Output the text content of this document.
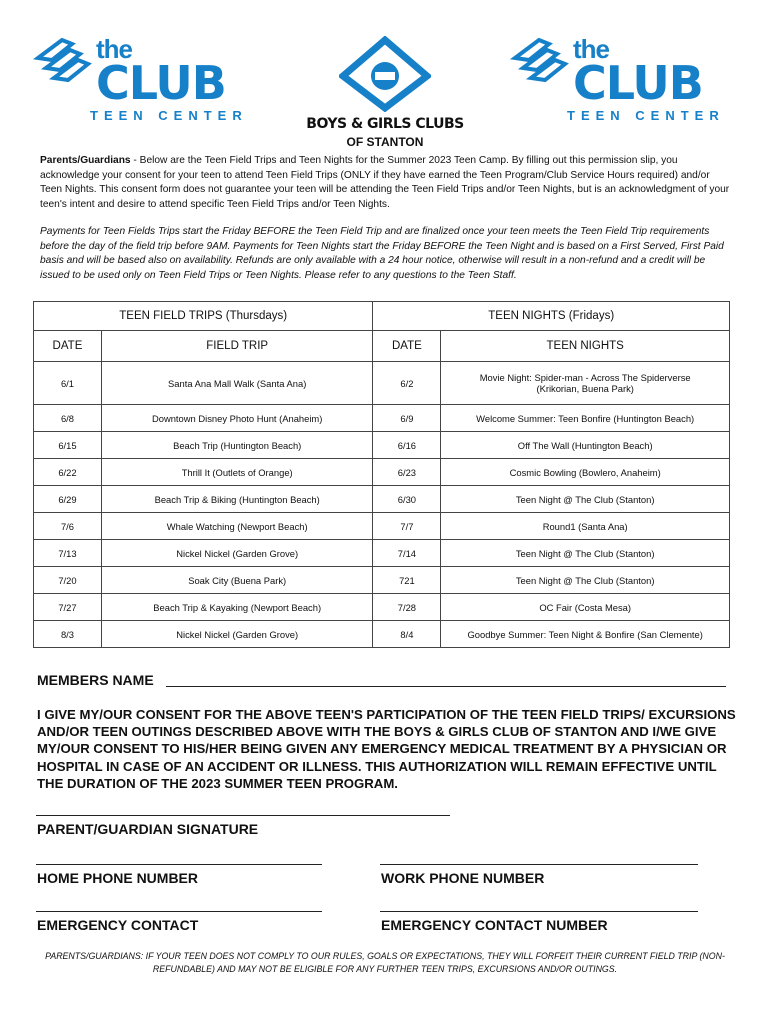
the
CLUB
TEEN CENTER
BOYS & GIRLS CLUBS
OF STANTON
the
CLUB
TEEN CENTER
Parents/Guardians - Below are the Teen Field Trips and Teen Nights for the Summer 2023 Teen Camp. By filling out this permission slip, you acknowledge your consent for your teen to attend Teen Field Trips (ONLY if they have earned the Teen Program/Club Service Hours required) and/or Teen Nights. This consent form does not guarantee your teen will be attending the Teen Field Trips and/or Teen Nights, but is an acknowledgment of your teen's intent and desire to attend specific Teen Field Trips and/or Teen Nights.
Payments for Teen Fields Trips start the Friday BEFORE the Teen Field Trip and are finalized once your teen meets the Teen Field Trip requirements before the day of the field trip before 9AM. Payments for Teen Nights start the Friday BEFORE the Teen Night and is based on a First Served, First Paid basis and will be based also on availability. Refunds are only available with a 24 hour notice, otherwise will result in a non-refund and a credit will be issued to be used only on Teen Field Trips or Teen Nights. Please refer to any questions to the Teen Staff.
TEEN FIELD TRIPS (Thursdays)		TEEN NIGHTS (Fridays)	
DATE	FIELD TRIP	DATE	TEEN NIGHTS
6/1	Santa Ana Mall Walk (Santa Ana)	6/2	Movie Night: Spider-man - Across The Spiderverse (Krikorian, Buena Park)
6/8	Downtown Disney Photo Hunt (Anaheim)	6/9	Welcome Summer: Teen Bonfire (Huntington Beach)
6/15	Beach Trip (Huntington Beach)	6/16	Off The Wall (Huntington Beach)
6/22	Thrill It (Outlets of Orange)	6/23	Cosmic Bowling (Bowlero, Anaheim)
6/29	Beach Trip & Biking (Huntington Beach)	6/30	Teen Night @ The Club (Stanton)
7/6	Whale Watching (Newport Beach)	7/7	Round1 (Santa Ana)
7/13	Nickel Nickel (Garden Grove)	7/14	Teen Night @ The Club (Stanton)
7/20	Soak City (Buena Park)	721	Teen Night @ The Club (Stanton)
7/27	Beach Trip & Kayaking (Newport Beach)	7/28	OC Fair (Costa Mesa)
8/3	Nickel Nickel (Garden Grove)	8/4	Goodbye Summer: Teen Night & Bonfire (San Clemente)
MEMBERS NAME
I GIVE MY/OUR CONSENT FOR THE ABOVE TEEN'S PARTICIPATION OF THE TEEN FIELD TRIPS/ EXCURSIONS AND/OR TEEN OUTINGS DESCRIBED ABOVE WITH THE BOYS & GIRLS CLUB OF STANTON AND I/WE GIVE MY/OUR CONSENT TO HIS/HER BEING GIVEN ANY EMERGENCY MEDICAL TREATMENT BY A PHYSICIAN OR HOSPITAL IN CASE OF AN ACCIDENT OR ILLNESS. THIS AUTHORIZATION WILL REMAIN EFFECTIVE UNTIL THE DURATION OF THE 2023 SUMMER TEEN PROGRAM.
PARENT/GUARDIAN SIGNATURE
HOME PHONE NUMBER	WORK PHONE NUMBER
EMERGENCY CONTACT	EMERGENCY CONTACT NUMBER
PARENTS/GUARDIANS: IF YOUR TEEN DOES NOT COMPLY TO OUR RULES, GOALS OR EXPECTATIONS, THEY WILL FORFEIT THEIR CURRENT FIELD TRIP (NON-REFUNDABLE) AND MAY NOT BE ELIGIBLE FOR ANY FURTHER TEEN TRIPS, EXCURSIONS AND/OR OUTINGS.
